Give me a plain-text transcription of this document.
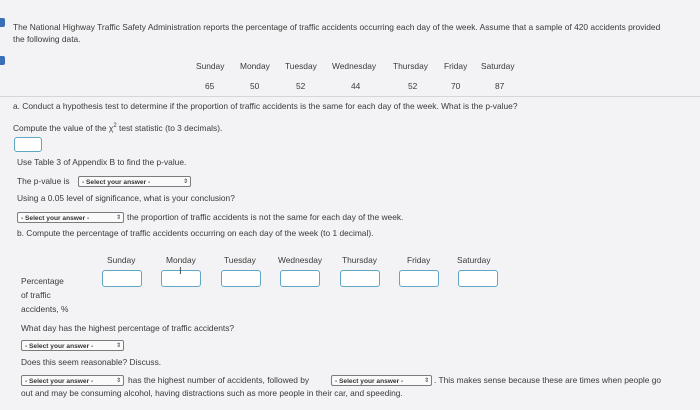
The National Highway Traffic Safety Administration reports the percentage of traffic accidents occurring each day of the week. Assume that a sample of 420 accidents provided the following data.
Sunday Monday Tuesday Wednesday Thursday Friday Saturday
65	50	52	44	52	70	87
a. Conduct a hypothesis test to determine if the proportion of traffic accidents is the same for each day of the week. What is the p-value?
Compute the value of the $\chi^2$ test statistic (to 3 decimals).
Use Table 3 of Appendix B to find the p-value.
The p-value is	- Select your answer -	⇕
Using a 0.05 level of significance, what is your conclusion?
- Select your answer -	⇕ the proportion of traffic accidents is not the same for each day of the week.
b. Compute the percentage of traffic accidents occurring on each day of the week (to 1 decimal).
Sunday	Monday	Tuesday	Wednesday Thursday	Friday	Saturday
Percentage
of traffic
accidents, %
I
What day has the highest percentage of traffic accidents?
- Select your answer -	⇕
Does this seem reasonable? Discuss.
- Select your answer -	⇕ has the highest number of accidents, followed by	- Select your answer -	⇕ . This makes sense because these are times when people go
out and may be consuming alcohol, having distractions such as more people in their car, and speeding.
